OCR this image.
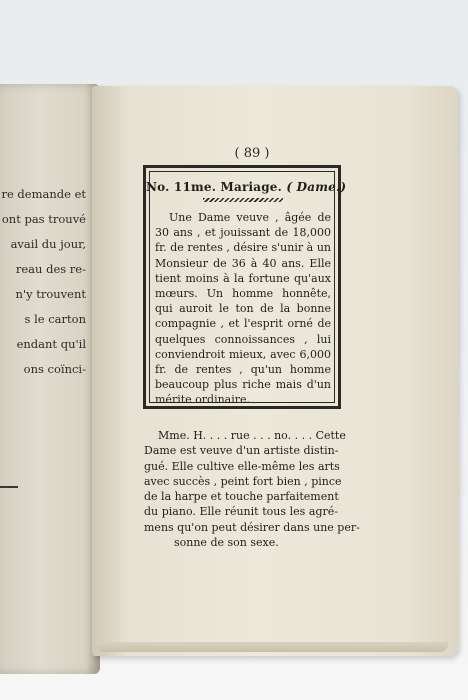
re demande et
ont pas trouvé
avail du jour,
reau des re-
n'y trouvent
s le carton
endant qu'il
ons coïnci-
( 89 )
No. 11me. Mariage. ( Dame.)
Une Dame veuve , âgée de
30 ans , et jouissant de 18,000
fr. de rentes , désire s'unir à un
Monsieur de 36 à 40 ans. Elle
tient moins à la fortune qu'aux
mœurs. Un homme honnête,
qui auroit le ton de la bonne
compagnie , et l'esprit orné de
quelques connoissances , lui
conviendroit mieux, avec 6,000
fr. de rentes , qu'un homme
beaucoup plus riche mais d'un
mérite ordinaire.
Mme. H. . . . rue . . . no. . . . Cette
Dame est veuve d'un artiste distin-
gué. Elle cultive elle-même les arts
avec succès , peint fort bien , pince
de la harpe et touche parfaitement
du piano. Elle réunit tous les agré-
mens qu'on peut désirer dans une per-
sonne de son sexe.
